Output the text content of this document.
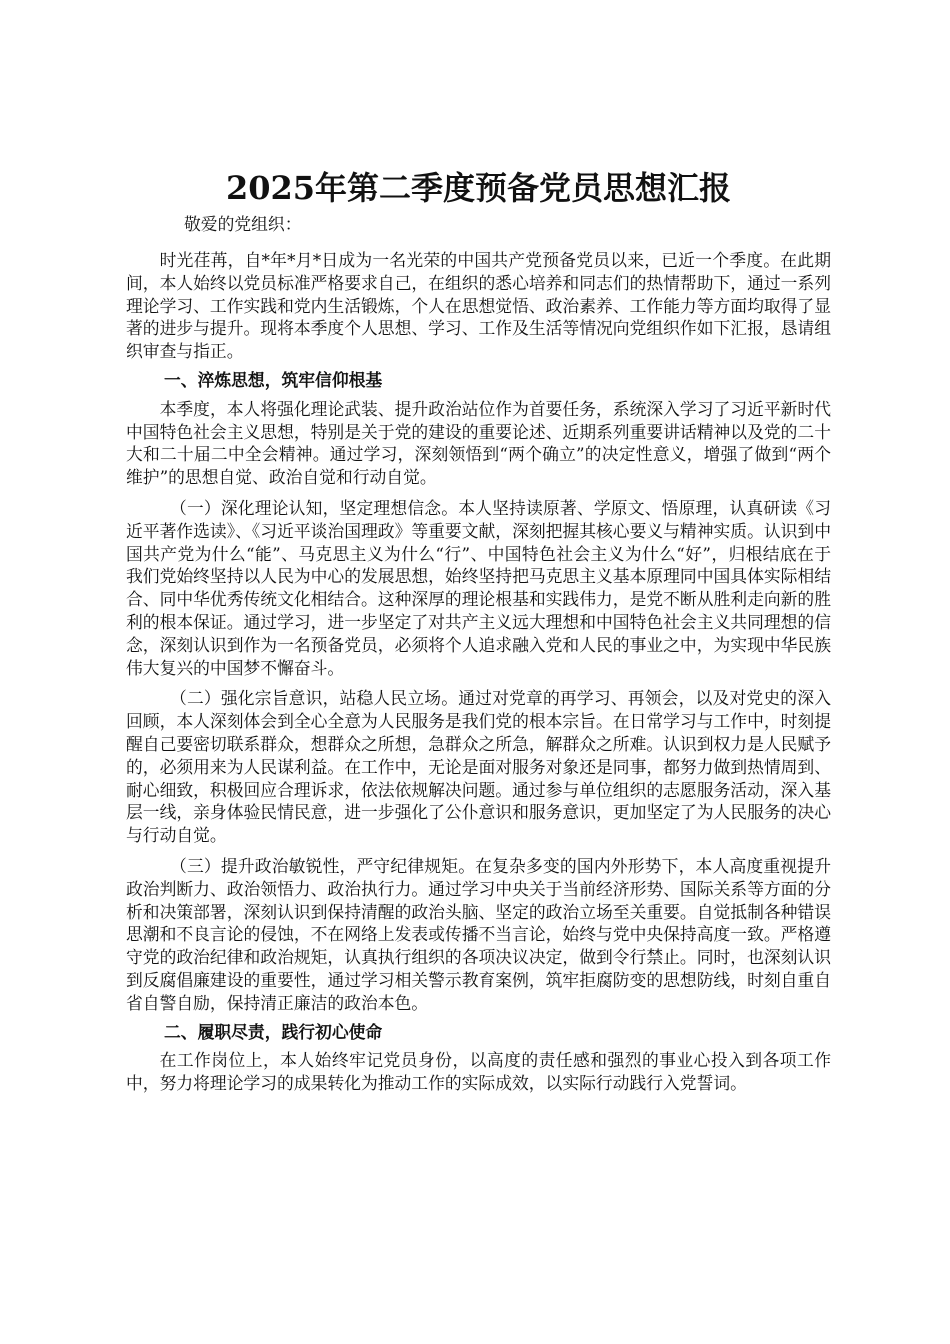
2025年第二季度预备党员思想汇报

敬爱的党组织：

时光荏苒，自*年*月*日成为一名光荣的中国共产党预备党员以来，已近一个季度。在此期间，本人始终以党员标准严格要求自己，在组织的悉心培养和同志们的热情帮助下，通过一系列理论学习、工作实践和党内生活锻炼，个人在思想觉悟、政治素养、工作能力等方面均取得了显著的进步与提升。现将本季度个人思想、学习、工作及生活等情况向党组织作如下汇报，恳请组织审查与指正。

一、淬炼思想，筑牢信仰根基

本季度，本人将强化理论武装、提升政治站位作为首要任务，系统深入学习了习近平新时代中国特色社会主义思想，特别是关于党的建设的重要论述、近期系列重要讲话精神以及党的二十大和二十届二中全会精神。通过学习，深刻领悟到“两个确立”的决定性意义，增强了做到“两个维护”的思想自觉、政治自觉和行动自觉。

（一）深化理论认知，坚定理想信念。本人坚持读原著、学原文、悟原理，认真研读《习近平著作选读》、《习近平谈治国理政》等重要文献，深刻把握其核心要义与精神实质。认识到中国共产党为什么“能”、马克思主义为什么“行”、中国特色社会主义为什么“好”，归根结底在于我们党始终坚持以人民为中心的发展思想，始终坚持把马克思主义基本原理同中国具体实际相结合、同中华优秀传统文化相结合。这种深厚的理论根基和实践伟力，是党不断从胜利走向新的胜利的根本保证。通过学习，进一步坚定了对共产主义远大理想和中国特色社会主义共同理想的信念，深刻认识到作为一名预备党员，必须将个人追求融入党和人民的事业之中，为实现中华民族伟大复兴的中国梦不懈奋斗。

（二）强化宗旨意识，站稳人民立场。通过对党章的再学习、再领会，以及对党史的深入回顾，本人深刻体会到全心全意为人民服务是我们党的根本宗旨。在日常学习与工作中，时刻提醒自己要密切联系群众，想群众之所想，急群众之所急，解群众之所难。认识到权力是人民赋予的，必须用来为人民谋利益。在工作中，无论是面对服务对象还是同事，都努力做到热情周到、耐心细致，积极回应合理诉求，依法依规解决问题。通过参与单位组织的志愿服务活动，深入基层一线，亲身体验民情民意，进一步强化了公仆意识和服务意识，更加坚定了为人民服务的决心与行动自觉。

（三）提升政治敏锐性，严守纪律规矩。在复杂多变的国内外形势下，本人高度重视提升政治判断力、政治领悟力、政治执行力。通过学习中央关于当前经济形势、国际关系等方面的分析和决策部署，深刻认识到保持清醒的政治头脑、坚定的政治立场至关重要。自觉抵制各种错误思潮和不良言论的侵蚀，不在网络上发表或传播不当言论，始终与党中央保持高度一致。严格遵守党的政治纪律和政治规矩，认真执行组织的各项决议决定，做到令行禁止。同时，也深刻认识到反腐倡廉建设的重要性，通过学习相关警示教育案例，筑牢拒腐防变的思想防线，时刻自重自省自警自励，保持清正廉洁的政治本色。

二、履职尽责，践行初心使命

在工作岗位上，本人始终牢记党员身份，以高度的责任感和强烈的事业心投入到各项工作中，努力将理论学习的成果转化为推动工作的实际成效，以实际行动践行入党誓词。
